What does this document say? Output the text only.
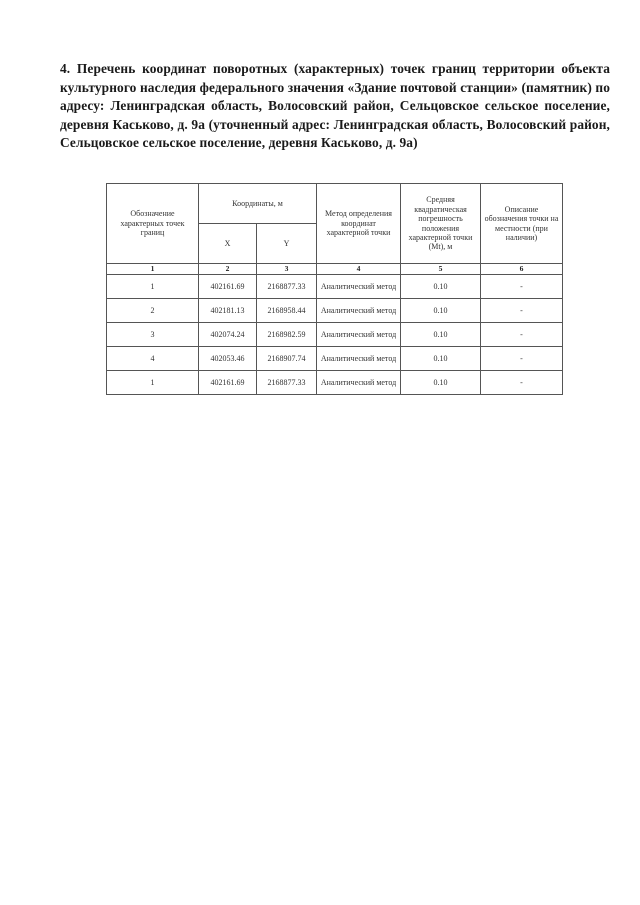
4. Перечень координат поворотных (характерных) точек границ территории объекта культурного наследия федерального значения «Здание почтовой станции» (памятник) по адресу: Ленинградская область, Волосовский район, Сельцовское сельское поселение, деревня Каськово, д. 9а (уточненный адрес: Ленинградская область, Волосовский район, Сельцовское сельское поселение, деревня Каськово, д. 9а)
Обозначение характерных точек границ	Координаты, м		Метод определения координат характерной точки	Средняя квадратическая погрешность положения характерной точки (Mt), м	Описание обозначения точки на местности (при наличии)
	X	Y			
1	2	3	4	5	6
1	402161.69	2168877.33	Аналитический метод	0.10	-
2	402181.13	2168958.44	Аналитический метод	0.10	-
3	402074.24	2168982.59	Аналитический метод	0.10	-
4	402053.46	2168907.74	Аналитический метод	0.10	-
1	402161.69	2168877.33	Аналитический метод	0.10	-
